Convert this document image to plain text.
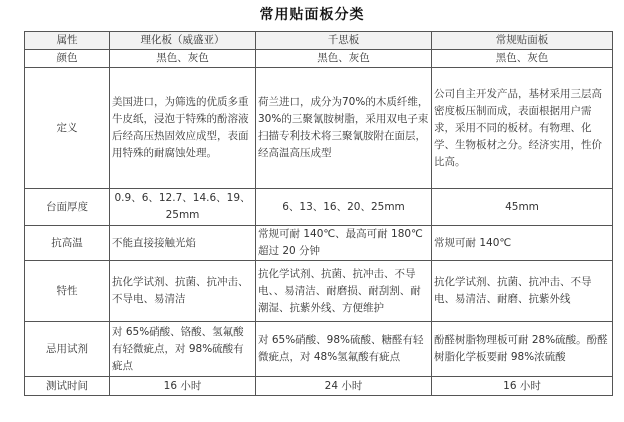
常用贴面板分类
属性	理化板（威盛亚）	千思板	常规贴面板
颜色	黑色、灰色	黑色、灰色	黑色、灰色
定义	美国进口，为筛选的优质多重牛皮纸，浸泡于特殊的酚溶液后经高压热固效应成型，表面用特殊的耐腐蚀处理。	荷兰进口，成分为70%的木质纤维，30%的三聚氰胺树脂，采用双电子束扫描专利技术将三聚氰胺附在面层，经高温高压成型	公司自主开发产品，基材采用三层高密度板压制而成，表面根据用户需求，采用不同的板材。有物理、化学、生物板材之分。经济实用，性价比高。
台面厚度	0.9、6、12.7、14.6、19、25mm	6、13、16、20、25mm	45mm
抗高温	不能直接接触光焰	常规可耐 140℃、最高可耐 180℃超过 20 分钟	常规可耐 140℃
特性	抗化学试剂、抗菌、抗冲击、不导电、易清洁	抗化学试剂、抗菌、抗冲击、不导电、、易清洁、耐磨损、耐刮割、耐潮湿、抗紫外线、方便维护	抗化学试剂、抗菌、抗冲击、不导电、易清洁、耐磨、抗紫外线
忌用试剂	对 65%硝酸、铬酸、氢氟酸有轻微疵点，对 98%硫酸有疵点	对 65%硝酸、98%硫酸、糖醛有轻微疵点，对 48%氢氟酸有疵点	酚醛树脂物理板可耐 28%硫酸。酚醛树脂化学板要耐 98%浓硫酸
测试时间	16 小时	24 小时	16 小时
